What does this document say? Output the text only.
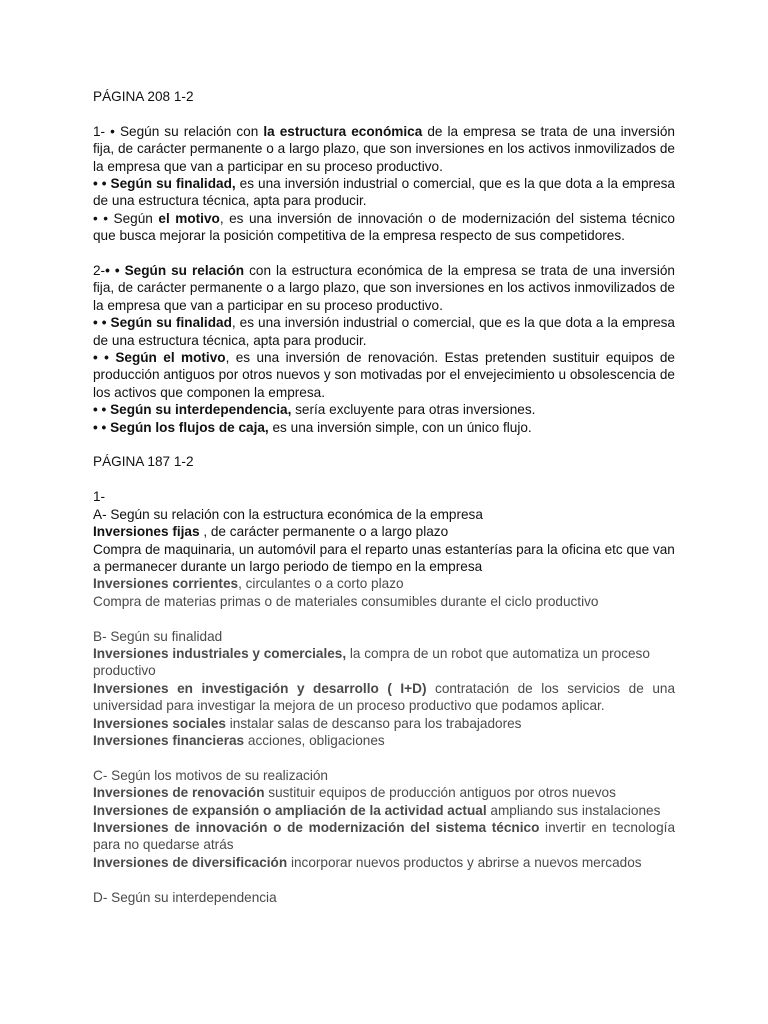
PÁGINA 208 1-2

1- • Según su relación con la estructura económica de la empresa se trata de una inversión fija, de carácter permanente o a largo plazo, que son inversiones en los activos inmovilizados de la empresa que van a participar en su proceso productivo.

• • Según su finalidad, es una inversión industrial o comercial, que es la que dota a la empresa de una estructura técnica, apta para producir.

• • Según el motivo, es una inversión de innovación o de modernización del sistema técnico que busca mejorar la posición competitiva de la empresa respecto de sus competidores.

2-• • Según su relación con la estructura económica de la empresa se trata de una inversión fija, de carácter permanente o a largo plazo, que son inversiones en los activos inmovilizados de la empresa que van a participar en su proceso productivo.

• • Según su finalidad, es una inversión industrial o comercial, que es la que dota a la empresa de una estructura técnica, apta para producir.

• • Según el motivo, es una inversión de renovación. Estas pretenden sustituir equipos de producción antiguos por otros nuevos y son motivadas por el envejecimiento u obsolescencia de los activos que componen la empresa.

• • Según su interdependencia, sería excluyente para otras inversiones.

• • Según los flujos de caja, es una inversión simple, con un único flujo.

PÁGINA 187 1-2

1-

A- Según su relación con la estructura económica de la empresa

Inversiones fijas , de carácter permanente o a largo plazo

Compra de maquinaria, un automóvil para el reparto unas estanterías para la oficina etc que van a permanecer durante un largo periodo de tiempo en la empresa

Inversiones corrientes, circulantes o a corto plazo

Compra de materias primas o de materiales consumibles durante el ciclo productivo

B- Según su finalidad

Inversiones industriales y comerciales, la compra de un robot que automatiza un proceso productivo

Inversiones en investigación y desarrollo ( I+D) contratación de los servicios de una universidad para investigar la mejora de un proceso productivo que podamos aplicar.

Inversiones sociales instalar salas de descanso para los trabajadores

Inversiones financieras acciones, obligaciones

C- Según los motivos de su realización

Inversiones de renovación sustituir equipos de producción antiguos por otros nuevos

Inversiones de expansión o ampliación de la actividad actual ampliando sus instalaciones

Inversiones de innovación o de modernización del sistema técnico invertir en tecnología para no quedarse atrás

Inversiones de diversificación incorporar nuevos productos y abrirse a nuevos mercados

D- Según su interdependencia
